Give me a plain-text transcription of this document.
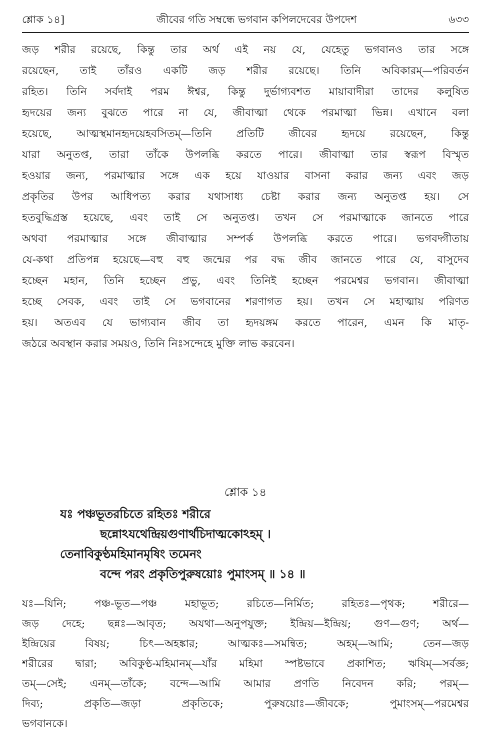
শ্লোক ১৪]	জীবের গতি সম্বন্ধে ভগবান কপিলদেবের উপদেশ	৬৩৩
জড় শরীর রয়েছে, কিন্তু তার অর্থ এই নয় যে, যেহেতু ভগবানও তার সঙ্গে
রয়েছেন, তাই তাঁরও একটি জড় শরীর রয়েছে। তিনি অবিকারম্—পরিবর্তন
রহিত। তিনি সর্বদাই পরম ঈশ্বর, কিন্তু দুর্ভাগ্যবশত মায়াবাদীরা তাদের কলুষিত
হৃদয়ের জন্য বুঝতে পারে না যে, জীবাত্মা থেকে পরমাত্মা ভিন্ন। এখানে বলা
হয়েছে, আত্মস্থমানহৃদয়েহবসিতম্—তিনি প্রতিটি জীবের হৃদয়ে রয়েছেন, কিন্তু
যারা অনুতপ্ত, তারা তাঁকে উপলব্ধি করতে পারে। জীবাত্মা তার স্বরূপ বিস্মৃত
হওয়ার জন্য, পরমাত্মার সঙ্গে এক হয়ে যাওয়ার বাসনা করার জন্য এবং জড়
প্রকৃতির উপর আধিপত্য করার যথাসাধ্য চেষ্টা করার জন্য অনুতপ্ত হয়। সে
হতবুদ্ধিগ্রস্ত হয়েছে, এবং তাই সে অনুতপ্ত। তখন সে পরমাত্মাকে জানতে পারে
অথবা পরমাত্মার সঙ্গে জীবাত্মার সম্পর্ক উপলব্ধি করতে পারে। ভগবদ্গীতায়
যে-কথা প্রতিপন্ন হয়েছে—বহু বহু জন্মের পর বদ্ধ জীব জানতে পারে যে, বাসুদেব
হচ্ছেন মহান, তিনি হচ্ছেন প্রভু, এবং তিনিই হচ্ছেন পরমেশ্বর ভগবান। জীবাত্মা
হচ্ছে সেবক, এবং তাই সে ভগবানের শরণাগত হয়। তখন সে মহাত্মায় পরিণত
হয়। অতএব যে ভাগ্যবান জীব তা হৃদয়ঙ্গম করতে পারেন, এমন কি মাতৃ-
জঠরে অবস্থান করার সময়ও, তিনি নিঃসন্দেহে মুক্তি লাভ করবেন।
শ্লোক ১৪
যঃ পঞ্চভূতরচিতে রহিতঃ শরীরে
ছন্নোঽযথেন্দ্রিয়গুণার্থচিদাত্মকোঽহম্ ।
তেনাবিকুণ্ঠমহিমানমৃষিং তমেনং
বন্দে পরং প্রকৃতিপুরুষয়োঃ পুমাংসম্ ॥ ১৪ ॥
যঃ—যিনি; পঞ্চ-ভূত—পঞ্চ মহাভূত; রচিতে—নির্মিত; রহিতঃ—পৃথক; শরীরে—
জড় দেহে; ছন্নঃ—আবৃত; অযথা—অনুপযুক্ত; ইন্দ্রিয়—ইন্দ্রিয়; গুণ—গুণ; অর্থ—
ইন্দ্রিয়ের বিষয়; চিৎ—অহঙ্কার; আত্মকঃ—সমন্বিত; অহম্—আমি; তেন—জড়
শরীরের দ্বারা; অবিকুণ্ঠ-মহিমানম্—যাঁর মহিমা স্পষ্টভাবে প্রকাশিত; ঋষিম্—সর্বজ্ঞ;
তম্—সেই; এনম্—তাঁকে; বন্দে—আমি আমার প্রণতি নিবেদন করি; পরম্—
দিব্য; প্রকৃতি—জড়া প্রকৃতিকে; পুরুষয়োঃ—জীবকে; পুমাংসম্—পরমেশ্বর
ভগবানকে।
